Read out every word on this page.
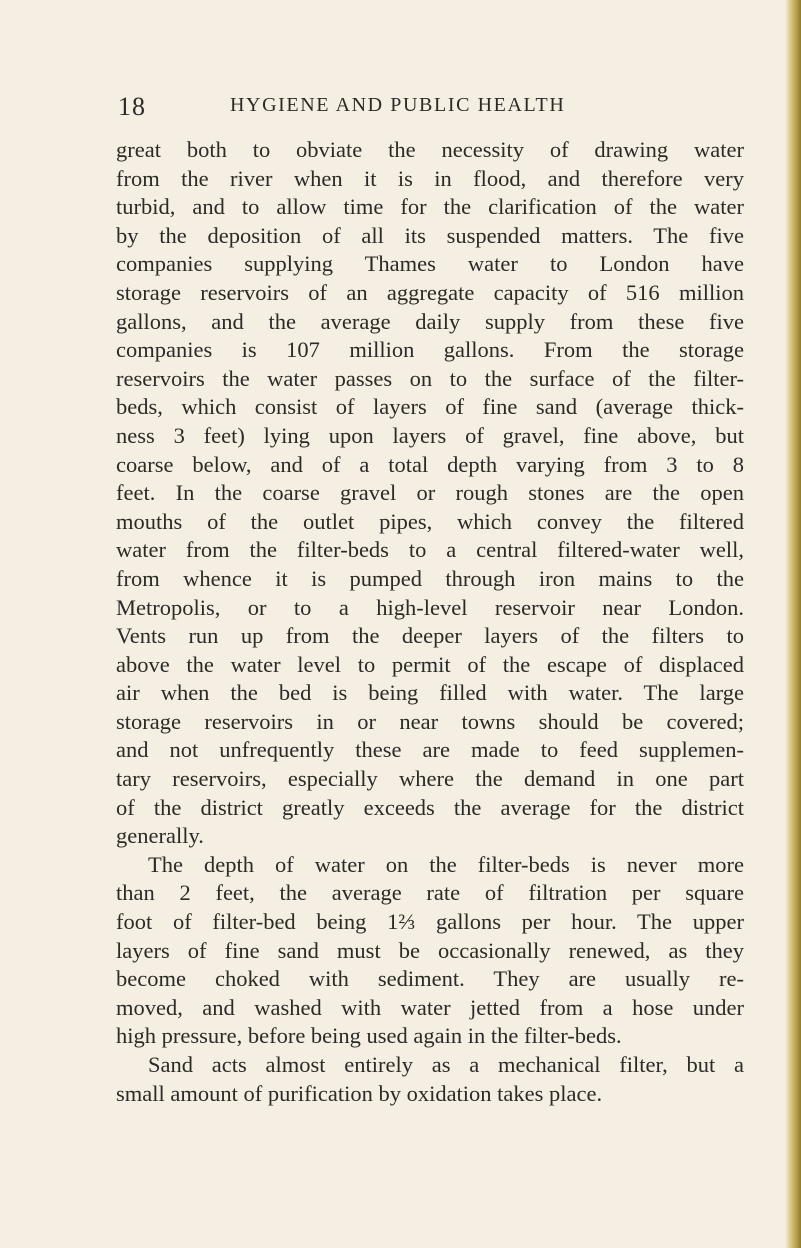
18	HYGIENE AND PUBLIC HEALTH
great both to obviate the necessity of drawing water
from the river when it is in flood, and therefore very
turbid, and to allow time for the clarification of the water
by the deposition of all its suspended matters. The five
companies supplying Thames water to London have
storage reservoirs of an aggregate capacity of 516 million
gallons, and the average daily supply from these five
companies is 107 million gallons. From the storage
reservoirs the water passes on to the surface of the filter-
beds, which consist of layers of fine sand (average thick-
ness 3 feet) lying upon layers of gravel, fine above, but
coarse below, and of a total depth varying from 3 to 8
feet. In the coarse gravel or rough stones are the open
mouths of the outlet pipes, which convey the filtered
water from the filter-beds to a central filtered-water well,
from whence it is pumped through iron mains to the
Metropolis, or to a high-level reservoir near London.
Vents run up from the deeper layers of the filters to
above the water level to permit of the escape of displaced
air when the bed is being filled with water. The large
storage reservoirs in or near towns should be covered;
and not unfrequently these are made to feed supplemen-
tary reservoirs, especially where the demand in one part
of the district greatly exceeds the average for the district
generally.
The depth of water on the filter-beds is never more
than 2 feet, the average rate of filtration per square
foot of filter-bed being 1⅔ gallons per hour. The upper
layers of fine sand must be occasionally renewed, as they
become choked with sediment. They are usually re-
moved, and washed with water jetted from a hose under
high pressure, before being used again in the filter-beds.
Sand acts almost entirely as a mechanical filter, but a
small amount of purification by oxidation takes place.
